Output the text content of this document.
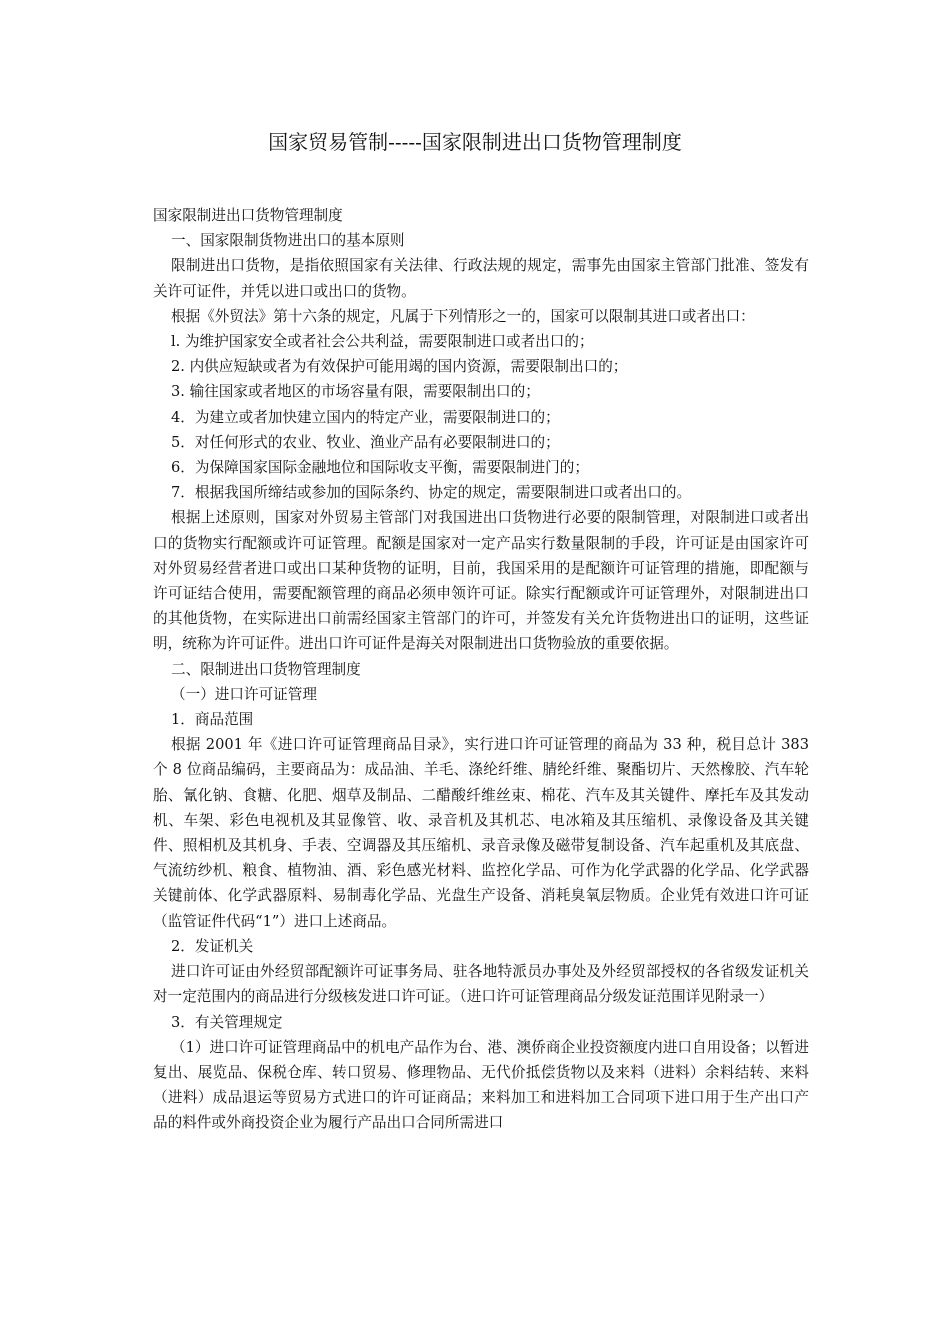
国家贸易管制-----国家限制进出口货物管理制度

国家限制进出口货物管理制度

一、国家限制货物进出口的基本原则

限制进出口货物，是指依照国家有关法律、行政法规的规定，需事先由国家主管部门批准、签发有关许可证件，并凭以进口或出口的货物。

根据《外贸法》第十六条的规定，凡属于下列情形之一的，国家可以限制其进口或者出口：

l. 为维护国家安全或者社会公共利益，需要限制进口或者出口的；

2. 内供应短缺或者为有效保护可能用竭的国内资源，需要限制出口的；

3. 输往国家或者地区的市场容量有限，需要限制出口的；

4．为建立或者加快建立国内的特定产业，需要限制进口的；

5．对任何形式的农业、牧业、渔业产品有必要限制进口的；

6．为保障国家国际金融地位和国际收支平衡，需要限制进门的；

7．根据我国所缔结或参加的国际条约、协定的规定，需要限制进口或者出口的。

根据上述原则，国家对外贸易主管部门对我国进出口货物进行必要的限制管理，对限制进口或者出口的货物实行配额或许可证管理。配额是国家对一定产品实行数量限制的手段，许可证是由国家许可对外贸易经营者进口或出口某种货物的证明，目前，我国采用的是配额许可证管理的措施，即配额与许可证结合使用，需要配额管理的商品必须申领许可证。除实行配额或许可证管理外，对限制进出口的其他货物，在实际进出口前需经国家主管部门的许可，并签发有关允许货物进出口的证明，这些证明，统称为许可证件。进出口许可证件是海关对限制进出口货物验放的重要依据。

二、限制进出口货物管理制度

（一）进口许可证管理

1．商品范围

根据 2001 年《进口许可证管理商品目录》，实行进口许可证管理的商品为 33 种，税目总计 383 个 8 位商品编码，主要商品为：成品油、羊毛、涤纶纤维、腈纶纤维、聚酯切片、天然橡胶、汽车轮胎、氰化钠、食糖、化肥、烟草及制品、二醋酸纤维丝束、棉花、汽车及其关键件、摩托车及其发动机、车架、彩色电视机及其显像管、收、录音机及其机芯、电冰箱及其压缩机、录像设备及其关键件、照相机及其机身、手表、空调器及其压缩机、录音录像及磁带复制设备、汽车起重机及其底盘、气流纺纱机、粮食、植物油、酒、彩色感光材料、监控化学品、可作为化学武器的化学品、化学武器关键前体、化学武器原料、易制毒化学品、光盘生产设备、消耗臭氧层物质。企业凭有效进口许可证（监管证件代码“1”）进口上述商品。

2．发证机关

进口许可证由外经贸部配额许可证事务局、驻各地特派员办事处及外经贸部授权的各省级发证机关对一定范围内的商品进行分级核发进口许可证。（进口许可证管理商品分级发证范围详见附录一）

3．有关管理规定

（1）进口许可证管理商品中的机电产品作为台、港、澳侨商企业投资额度内进口自用设备；以暂进复出、展览品、保税仓库、转口贸易、修理物品、无代价抵偿货物以及来料（进料）余料结转、来料（进料）成品退运等贸易方式进口的许可证商品；来料加工和进料加工合同项下进口用于生产出口产品的料件或外商投资企业为履行产品出口合同所需进口
